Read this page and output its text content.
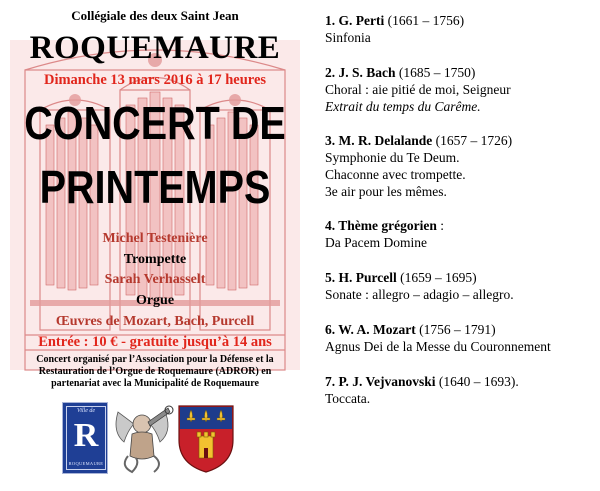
Collégiale des deux Saint Jean
ROQUEMAURE
Dimanche 13 mars 2016 à 17 heures
CONCERT DE
PRINTEMPS
Michel Testenière
Trompette
Sarah Verhasselt
Orgue
Œuvres de Mozart, Bach, Purcell
Entrée : 10 € - gratuite jusqu’à 14 ans
Concert organisé par l’Association pour la Défense et la
Restauration de l’Orgue de Roquemaure (ADROR) en
partenariat avec la Municipalité de Roquemaure
Ville de
R
ROQUEMAURE
1. G. Perti (1661 – 1756)
Sinfonia
2. J. S. Bach (1685 – 1750)
Choral : aie pitié de moi, Seigneur
Extrait du temps du Carême.
3. M. R. Delalande (1657 – 1726)
Symphonie du Te Deum.
Chaconne avec trompette.
3e air pour les mêmes.
4. Thème grégorien :
Da Pacem Domine
5. H. Purcell (1659 – 1695)
Sonate : allegro – adagio – allegro.
6. W. A. Mozart (1756 – 1791)
Agnus Dei de la Messe du Couronnement
7. P. J. Vejvanovski (1640 – 1693).
Toccata.
